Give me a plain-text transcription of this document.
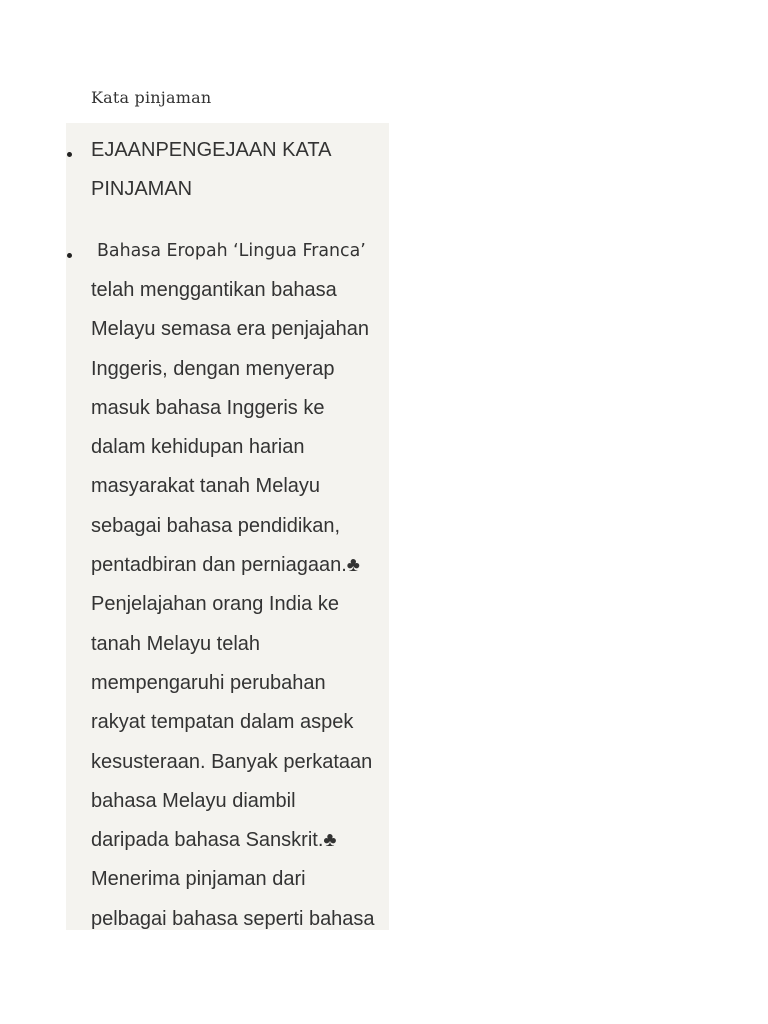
Kata pinjaman

EJAANPENGEJAAN KATA PINJAMAN

Bahasa Eropah ‘Lingua Franca’
telah menggantikan bahasa
Melayu semasa era penjajahan
Inggeris, dengan menyerap
masuk bahasa Inggeris ke
dalam kehidupan harian
masyarakat tanah Melayu
sebagai bahasa pendidikan,
pentadbiran dan perniagaan.♣
Penjelajahan orang India ke
tanah Melayu telah
mempengaruhi perubahan
rakyat tempatan dalam aspek
kesusteraan. Banyak perkataan
bahasa Melayu diambil
daripada bahasa Sanskrit.♣
Menerima pinjaman dari
pelbagai bahasa seperti bahasa
